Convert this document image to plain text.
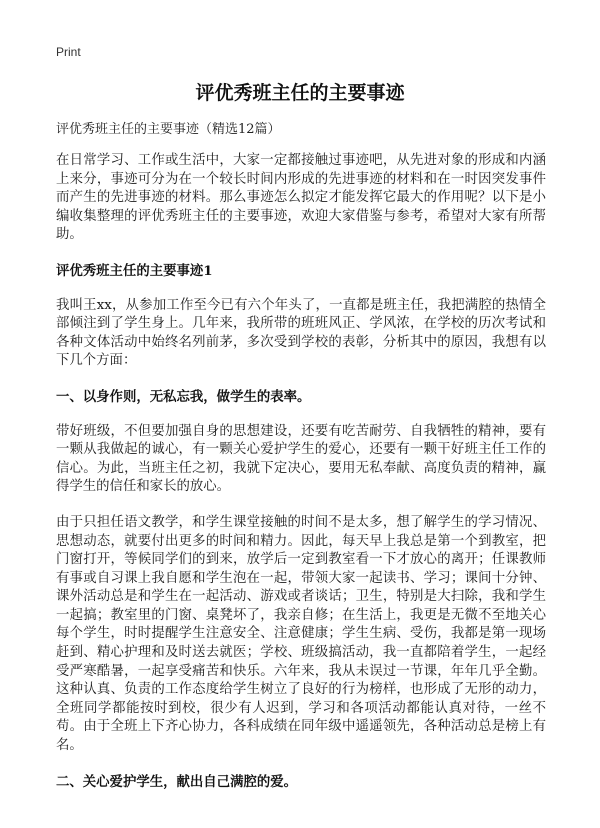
Print
评优秀班主任的主要事迹

评优秀班主任的主要事迹（精选12篇）

在日常学习、工作或生活中，大家一定都接触过事迹吧，从先进对象的形成和内涵上来分，事迹可分为在一个较长时间内形成的先进事迹的材料和在一时因突发事件而产生的先进事迹的材料。那么事迹怎么拟定才能发挥它最大的作用呢？以下是小编收集整理的评优秀班主任的主要事迹，欢迎大家借鉴与参考，希望对大家有所帮助。

评优秀班主任的主要事迹1

我叫王xx，从参加工作至今已有六个年头了，一直都是班主任，我把满腔的热情全部倾注到了学生身上。几年来，我所带的班班风正、学风浓，在学校的历次考试和各种文体活动中始终名列前茅，多次受到学校的表彰，分析其中的原因，我想有以下几个方面：

一、以身作则，无私忘我，做学生的表率。

带好班级，不但要加强自身的思想建设，还要有吃苦耐劳、自我牺牲的精神，要有一颗从我做起的诚心，有一颗关心爱护学生的爱心，还要有一颗干好班主任工作的信心。为此，当班主任之初，我就下定决心，要用无私奉献、高度负责的精神，赢得学生的信任和家长的放心。

由于只担任语文教学，和学生课堂接触的时间不是太多，想了解学生的学习情况、思想动态，就要付出更多的时间和精力。因此，每天早上我总是第一个到教室，把门窗打开，等候同学们的到来，放学后一定到教室看一下才放心的离开；任课教师有事或自习课上我自愿和学生泡在一起，带领大家一起读书、学习；课间十分钟、课外活动总是和学生在一起活动、游戏或者谈话；卫生，特别是大扫除，我和学生一起搞；教室里的门窗、桌凳坏了，我亲自修；在生活上，我更是无微不至地关心每个学生，时时提醒学生注意安全、注意健康；学生生病、受伤，我都是第一现场赶到、精心护理和及时送去就医；学校、班级搞活动，我一直都陪着学生，一起经受严寒酷暑，一起享受痛苦和快乐。六年来，我从未误过一节课，年年几乎全勤。这种认真、负责的工作态度给学生树立了良好的行为榜样，也形成了无形的动力，全班同学都能按时到校，很少有人迟到，学习和各项活动都能认真对待，一丝不苟。由于全班上下齐心协力，各科成绩在同年级中遥遥领先，各种活动总是榜上有名。

二、关心爱护学生，献出自己满腔的爱。
